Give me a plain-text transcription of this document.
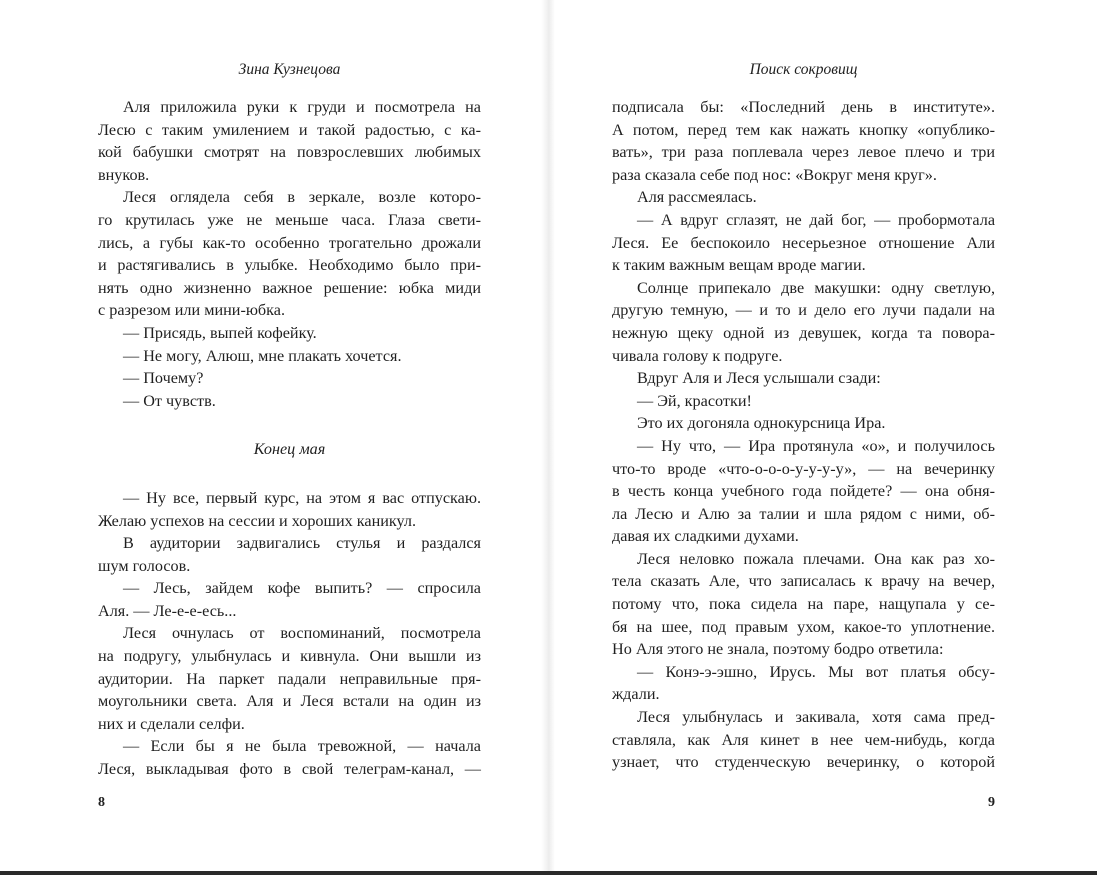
Зина Кузнецова
Аля приложила руки к груди и посмотрела на
Лесю с таким умилением и такой радостью, с ка-
кой бабушки смотрят на повзрослевших любимых
внуков.
Леся оглядела себя в зеркале, возле которо-
го крутилась уже не меньше часа. Глаза свети-
лись, а губы как-то особенно трогательно дрожали
и растягивались в улыбке. Необходимо было при-
нять одно жизненно важное решение: юбка миди
с разрезом или мини-юбка.
— Присядь, выпей кофейку.
— Не могу, Алюш, мне плакать хочется.
— Почему?
— От чувств.
Конец мая
— Ну все, первый курс, на этом я вас отпускаю.
Желаю успехов на сессии и хороших каникул.
В аудитории задвигались стулья и раздался
шум голосов.
— Лесь, зайдем кофе выпить? — спросила
Аля. — Ле-е-е-есь...
Леся очнулась от воспоминаний, посмотрела
на подругу, улыбнулась и кивнула. Они вышли из
аудитории. На паркет падали неправильные пря-
моугольники света. Аля и Леся встали на один из
них и сделали селфи.
— Если бы я не была тревожной, — начала
Леся, выкладывая фото в свой телеграм-канал, —
8
Поиск сокровищ
подписала бы: «Последний день в институте».
А потом, перед тем как нажать кнопку «опублико-
вать», три раза поплевала через левое плечо и три
раза сказала себе под нос: «Вокруг меня круг».
Аля рассмеялась.
— А вдруг сглазят, не дай бог, — пробормотала
Леся. Ее беспокоило несерьезное отношение Али
к таким важным вещам вроде магии.
Солнце припекало две макушки: одну светлую,
другую темную, — и то и дело его лучи падали на
нежную щеку одной из девушек, когда та повора-
чивала голову к подруге.
Вдруг Аля и Леся услышали сзади:
— Эй, красотки!
Это их догоняла однокурсница Ира.
— Ну что, — Ира протянула «о», и получилось
что-то вроде «что-о-о-о-у-у-у-у», — на вечеринку
в честь конца учебного года пойдете? — она обня-
ла Лесю и Алю за талии и шла рядом с ними, об-
давая их сладкими духами.
Леся неловко пожала плечами. Она как раз хо-
тела сказать Але, что записалась к врачу на вечер,
потому что, пока сидела на паре, нащупала у се-
бя на шее, под правым ухом, какое-то уплотнение.
Но Аля этого не знала, поэтому бодро ответила:
— Конэ-э-эшно, Ирусь. Мы вот платья обсу-
ждали.
Леся улыбнулась и закивала, хотя сама пред-
ставляла, как Аля кинет в нее чем-нибудь, когда
узнает, что студенческую вечеринку, о которой
9
